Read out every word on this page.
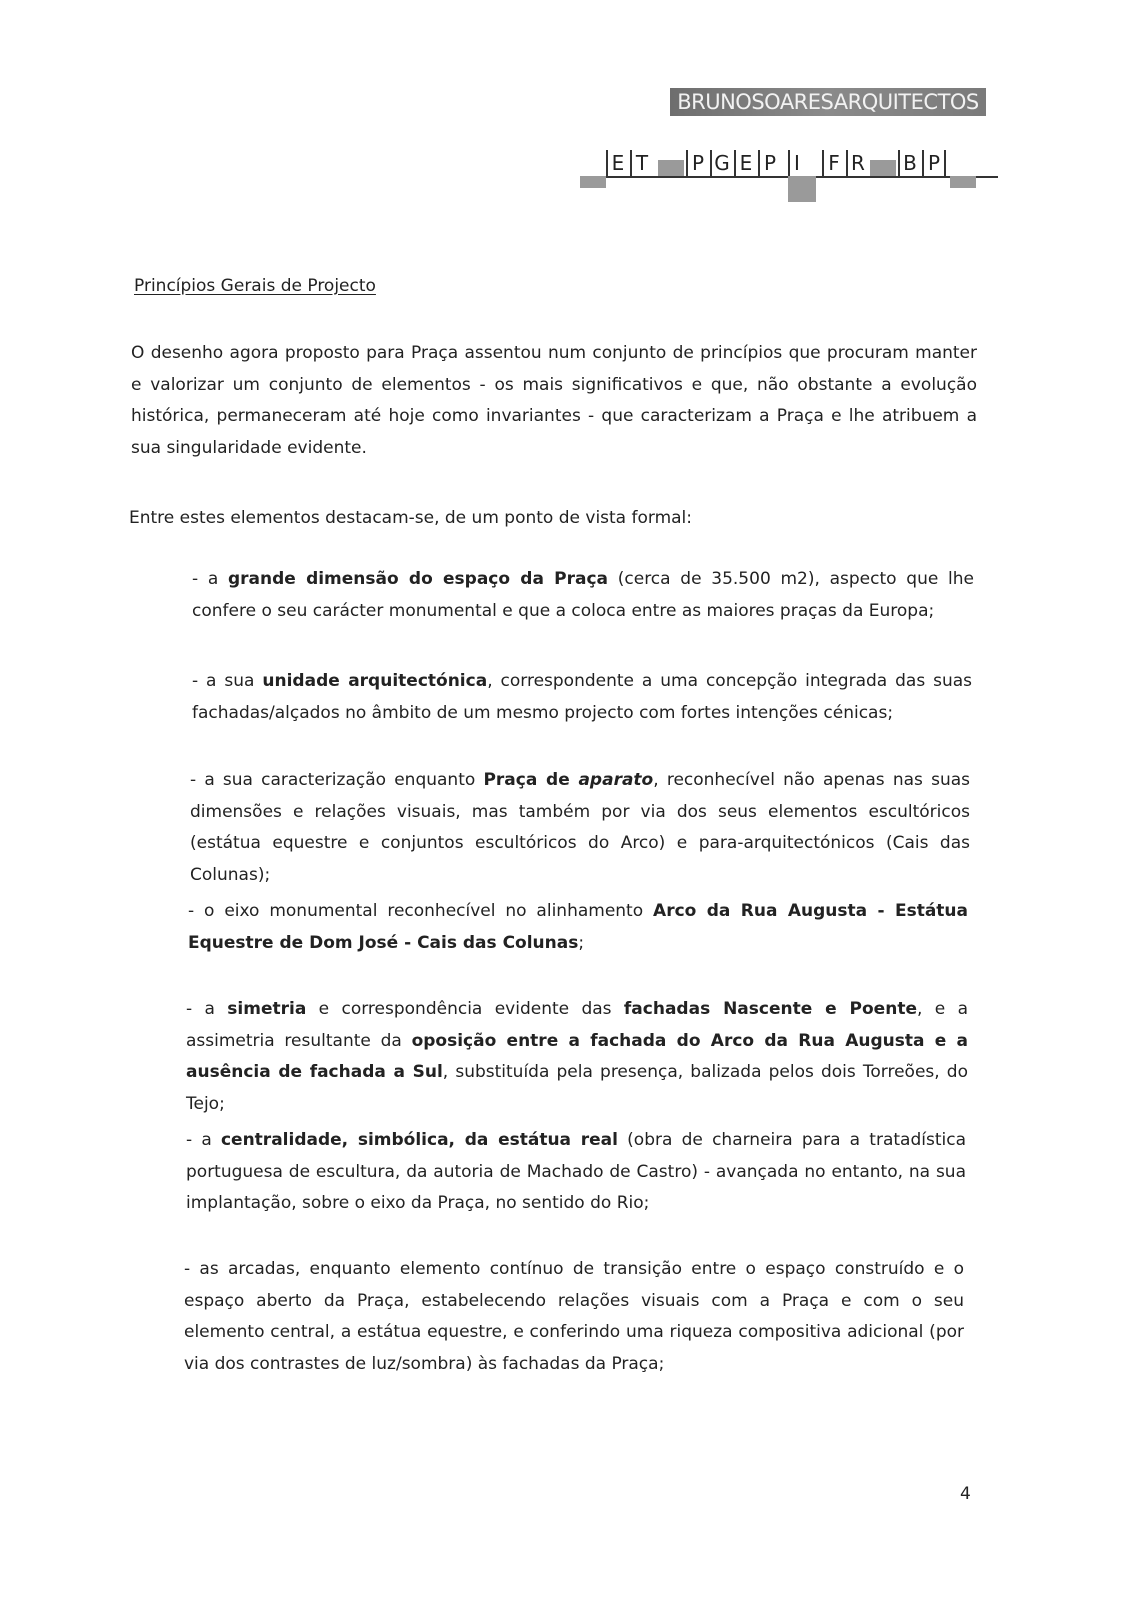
BRUNOSOARESARQUITECTOS
E T P G E P I	F R B P
Princípios Gerais de Projecto

O desenho agora proposto para Praça assentou num conjunto de princípios que procuram manter e valorizar um conjunto de elementos - os mais significativos e que, não obstante a evolução histórica, permaneceram até hoje como invariantes - que caracterizam a Praça e lhe atribuem a sua singularidade evidente.

Entre estes elementos destacam-se, de um ponto de vista formal:

- a grande dimensão do espaço da Praça (cerca de 35.500 m2), aspecto que lhe confere o seu carácter monumental e que a coloca entre as maiores praças da Europa;

- a sua unidade arquitectónica, correspondente a uma concepção integrada das suas fachadas/alçados no âmbito de um mesmo projecto com fortes intenções cénicas;

- a sua caracterização enquanto Praça de aparato, reconhecível não apenas nas suas dimensões e relações visuais, mas também por via dos seus elementos escultóricos (estátua equestre e conjuntos escultóricos do Arco) e para-arquitectónicos (Cais das Colunas);

- o eixo monumental reconhecível no alinhamento Arco da Rua Augusta - Estátua Equestre de Dom José - Cais das Colunas;

- a simetria e correspondência evidente das fachadas Nascente e Poente, e a assimetria resultante da oposição entre a fachada do Arco da Rua Augusta e a ausência de fachada a Sul, substituída pela presença, balizada pelos dois Torreões, do Tejo;

- a centralidade, simbólica, da estátua real (obra de charneira para a tratadística portuguesa de escultura, da autoria de Machado de Castro) - avançada no entanto, na sua implantação, sobre o eixo da Praça, no sentido do Rio;

- as arcadas, enquanto elemento contínuo de transição entre o espaço construído e o espaço aberto da Praça, estabelecendo relações visuais com a Praça e com o seu elemento central, a estátua equestre, e conferindo uma riqueza compositiva adicional (por via dos contrastes de luz/sombra) às fachadas da Praça;

4
